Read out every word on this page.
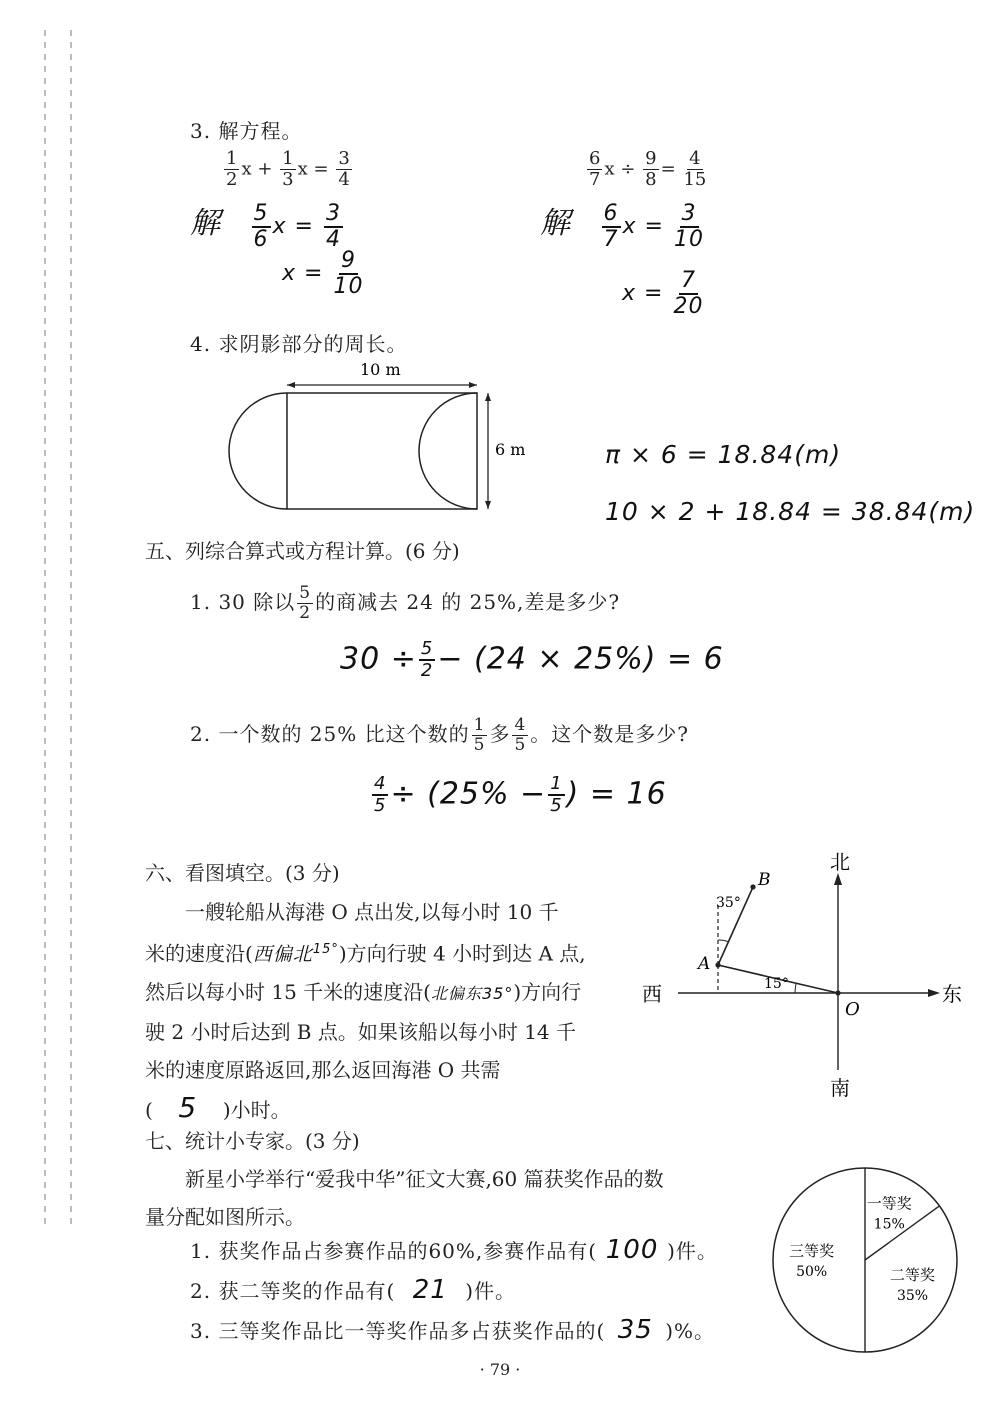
3. 解方程。
$\frac{1}{2}$ $x + \frac{1}{3}$ $x = \frac{3}{4}$	$\frac{6}{7}$ $x \div \frac{9}{8} = \frac{4}{15}$
解 $\frac{5}{6}$ $x = \frac{3}{4}$
$x = \frac{9}{10}$
解 $\frac{6}{7}$ $x = \frac{3}{10}$
$x = \frac{7}{20}$
4. 求阴影部分的周长。
10 m
6 m	π × 6 = 18.84(m)
10 × 2 + 18.84 = 38.84(m)
五、列综合算式或方程计算。(6 分)
1. 30 除以 $\frac{5}{2}$ 的商减去 24 的 25%,差是多少?
$30 \div \frac{5}{2} - (24 \times 25\%) = 6$
2. 一个数的 25% 比这个数的 $\frac{1}{5}$ 多 $\frac{4}{5}$ 。这个数是多少?
$\frac{4}{5} \div (25\% - \frac{1}{5}$ ) = 16
六、看图填空。(3 分)
一艘轮船从海港 O 点出发,以每小时 10 千
米的速度沿(西偏北$^{15^\circ}$)方向行驶 4 小时到达 A 点,
然后以每小时 15 千米的速度沿(北偏东35°)方向行
驶 2 小时后达到 B 点。如果该船以每小时 14 千
米的速度原路返回,那么返回海港 O 共需
( 5 )小时。
北
南
东
西
O
A
B
35°
15°
七、统计小专家。(3 分)
新星小学举行“爱我中华”征文大赛,60 篇获奖作品的数
量分配如图所示。
1. 获奖作品占参赛作品的60%,参赛作品有( 100 )件。
2. 获二等奖的作品有( 21 )件。
3. 三等奖作品比一等奖作品多占获奖作品的( 35 )%。
一等奖
15%
二等奖
35%
三等奖
50%
· 79 ·
